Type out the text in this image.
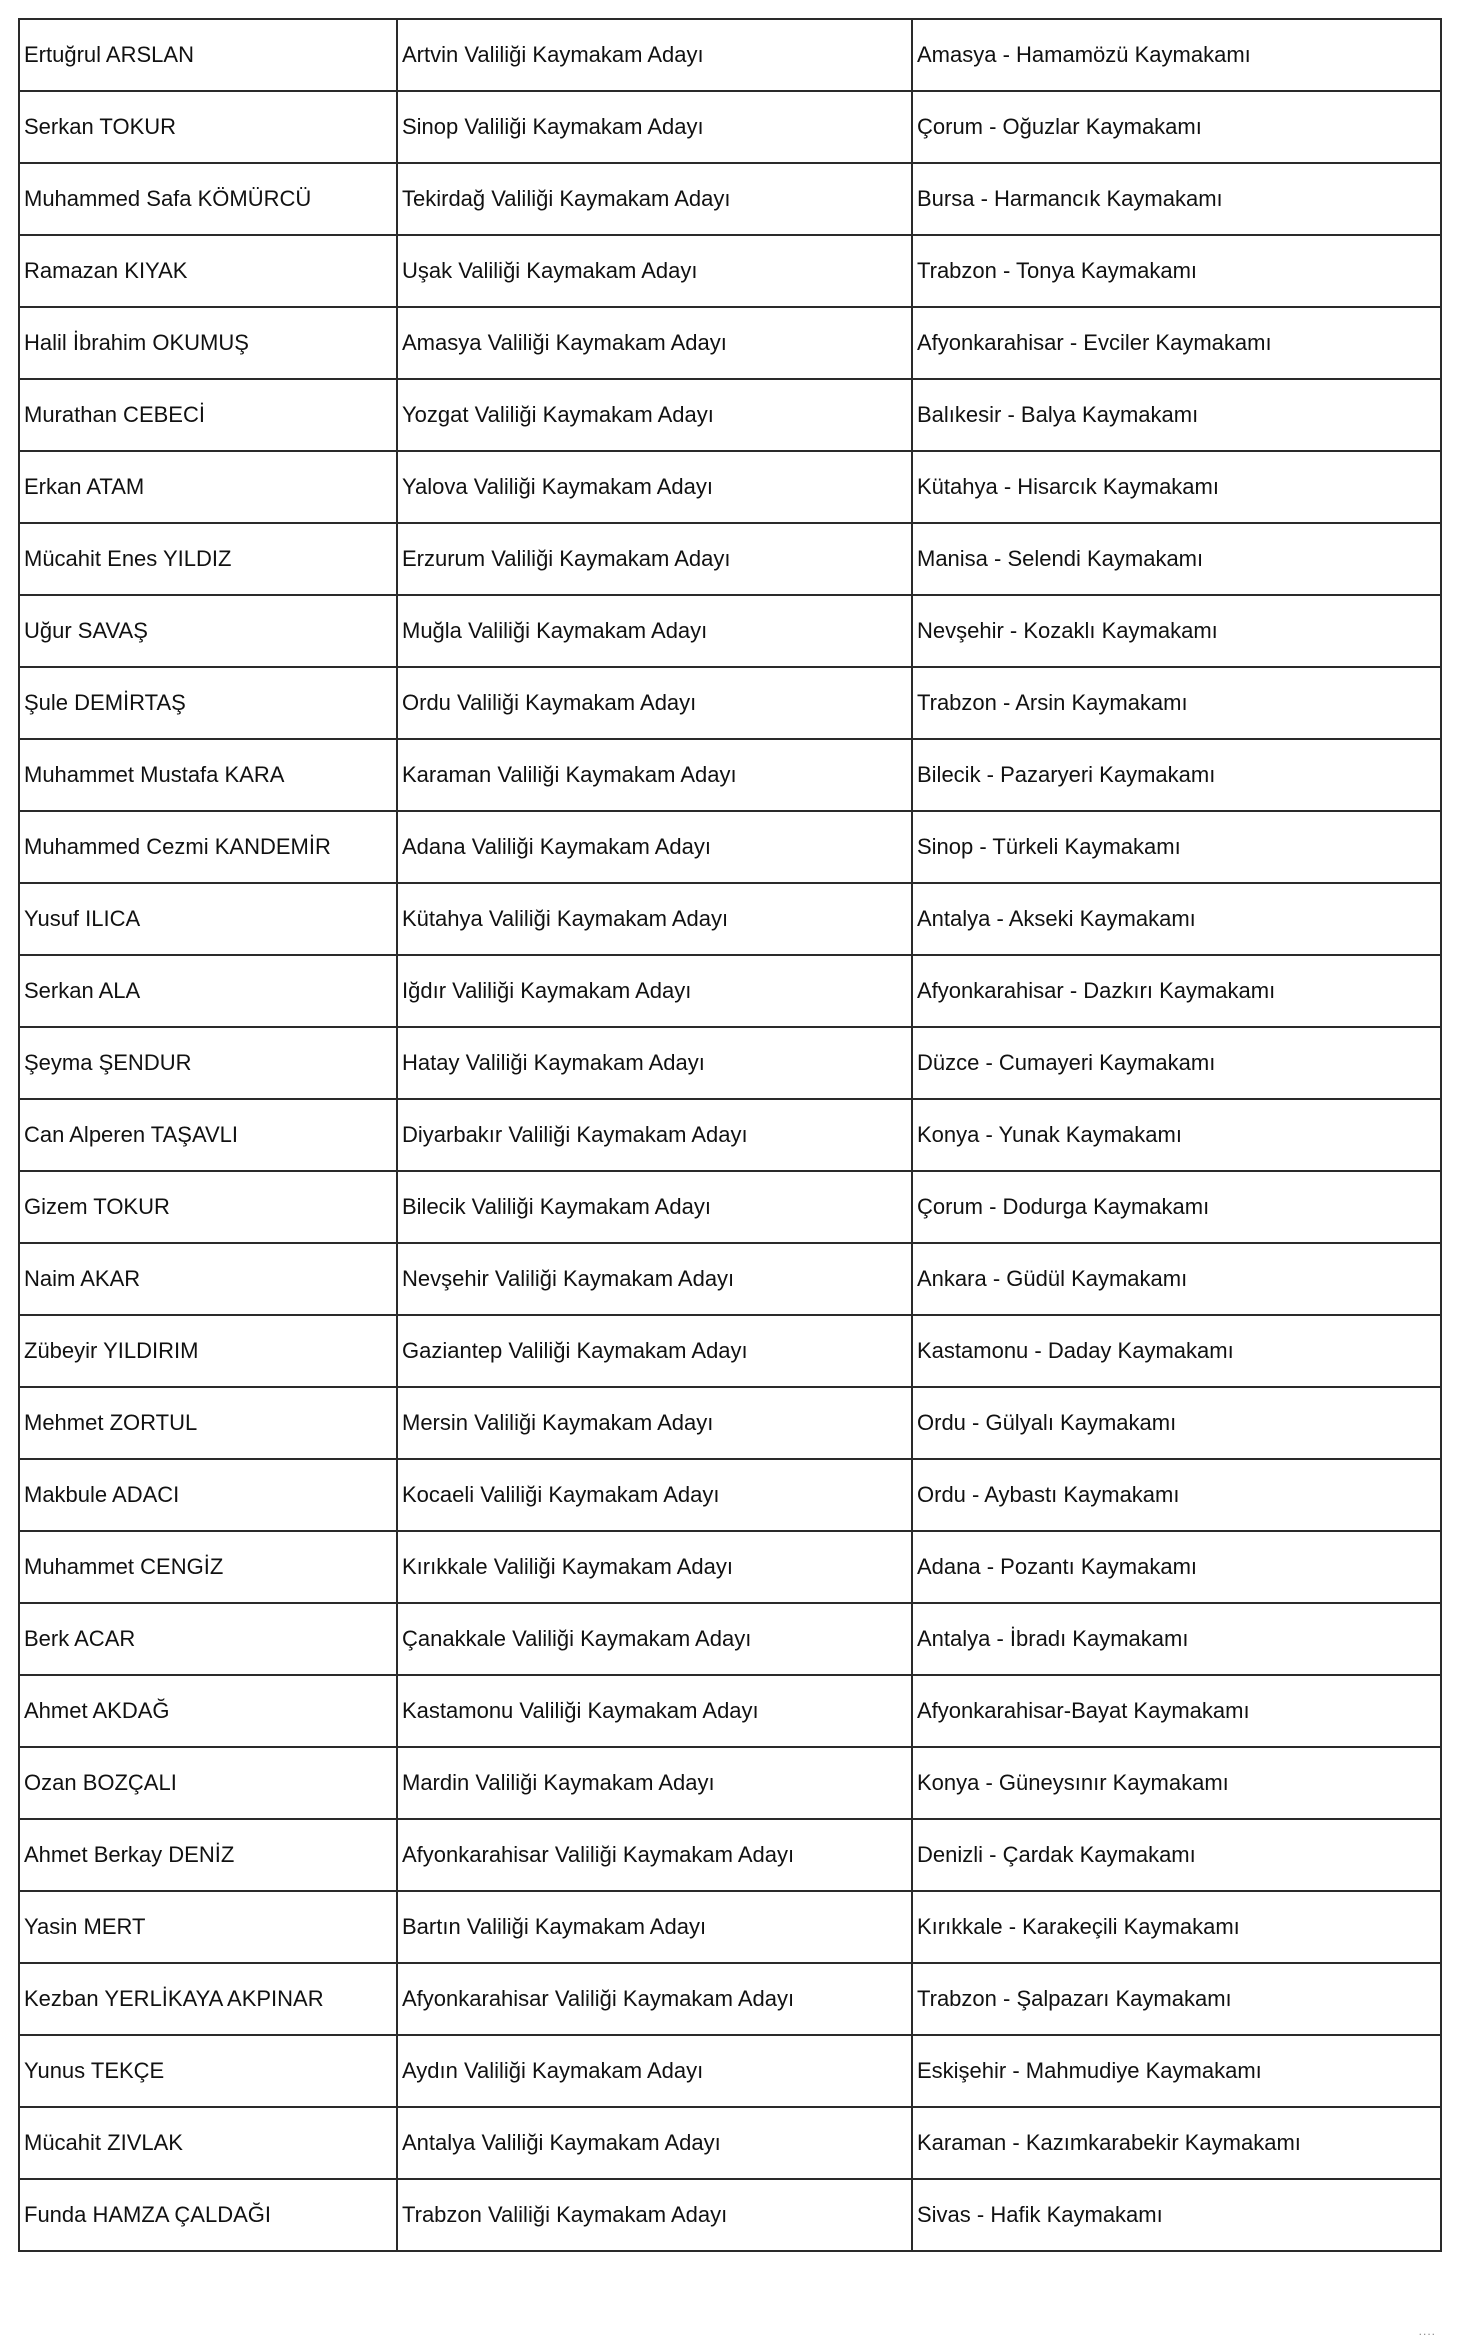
Ertuğrul ARSLAN	Artvin Valiliği Kaymakam Adayı	Amasya - Hamamözü Kaymakamı
Serkan TOKUR	Sinop Valiliği Kaymakam Adayı	Çorum - Oğuzlar Kaymakamı
Muhammed Safa KÖMÜRCÜ	Tekirdağ Valiliği Kaymakam Adayı	Bursa - Harmancık Kaymakamı
Ramazan KIYAK	Uşak Valiliği Kaymakam Adayı	Trabzon - Tonya Kaymakamı
Halil İbrahim OKUMUŞ	Amasya Valiliği Kaymakam Adayı	Afyonkarahisar - Evciler Kaymakamı
Murathan CEBECİ	Yozgat Valiliği Kaymakam Adayı	Balıkesir - Balya Kaymakamı
Erkan ATAM	Yalova Valiliği Kaymakam Adayı	Kütahya - Hisarcık Kaymakamı
Mücahit Enes YILDIZ	Erzurum Valiliği Kaymakam Adayı	Manisa - Selendi Kaymakamı
Uğur SAVAŞ	Muğla Valiliği Kaymakam Adayı	Nevşehir - Kozaklı Kaymakamı
Şule DEMİRTAŞ	Ordu Valiliği Kaymakam Adayı	Trabzon - Arsin Kaymakamı
Muhammet Mustafa KARA	Karaman Valiliği Kaymakam Adayı	Bilecik - Pazaryeri Kaymakamı
Muhammed Cezmi KANDEMİR	Adana Valiliği Kaymakam Adayı	Sinop - Türkeli Kaymakamı
Yusuf ILICA	Kütahya Valiliği Kaymakam Adayı	Antalya - Akseki Kaymakamı
Serkan ALA	Iğdır Valiliği Kaymakam Adayı	Afyonkarahisar - Dazkırı Kaymakamı
Şeyma ŞENDUR	Hatay Valiliği Kaymakam Adayı	Düzce - Cumayeri Kaymakamı
Can Alperen TAŞAVLI	Diyarbakır Valiliği Kaymakam Adayı	Konya - Yunak Kaymakamı
Gizem TOKUR	Bilecik Valiliği Kaymakam Adayı	Çorum - Dodurga Kaymakamı
Naim AKAR	Nevşehir Valiliği Kaymakam Adayı	Ankara - Güdül Kaymakamı
Zübeyir YILDIRIM	Gaziantep Valiliği Kaymakam Adayı	Kastamonu - Daday Kaymakamı
Mehmet ZORTUL	Mersin Valiliği Kaymakam Adayı	Ordu - Gülyalı Kaymakamı
Makbule ADACI	Kocaeli Valiliği Kaymakam Adayı	Ordu - Aybastı Kaymakamı
Muhammet CENGİZ	Kırıkkale Valiliği Kaymakam Adayı	Adana - Pozantı Kaymakamı
Berk ACAR	Çanakkale Valiliği Kaymakam Adayı	Antalya - İbradı Kaymakamı
Ahmet AKDAĞ	Kastamonu Valiliği Kaymakam Adayı	Afyonkarahisar-Bayat Kaymakamı
Ozan BOZÇALI	Mardin Valiliği Kaymakam Adayı	Konya - Güneysınır Kaymakamı
Ahmet Berkay DENİZ	Afyonkarahisar Valiliği Kaymakam Adayı	Denizli - Çardak Kaymakamı
Yasin MERT	Bartın Valiliği Kaymakam Adayı	Kırıkkale - Karakeçili Kaymakamı
Kezban YERLİKAYA AKPINAR	Afyonkarahisar Valiliği Kaymakam Adayı	Trabzon - Şalpazarı Kaymakamı
Yunus TEKÇE	Aydın Valiliği Kaymakam Adayı	Eskişehir - Mahmudiye Kaymakamı
Mücahit ZIVLAK	Antalya Valiliği Kaymakam Adayı	Karaman - Kazımkarabekir Kaymakamı
Funda HAMZA ÇALDAĞI	Trabzon Valiliği Kaymakam Adayı	Sivas - Hafik Kaymakamı
....
